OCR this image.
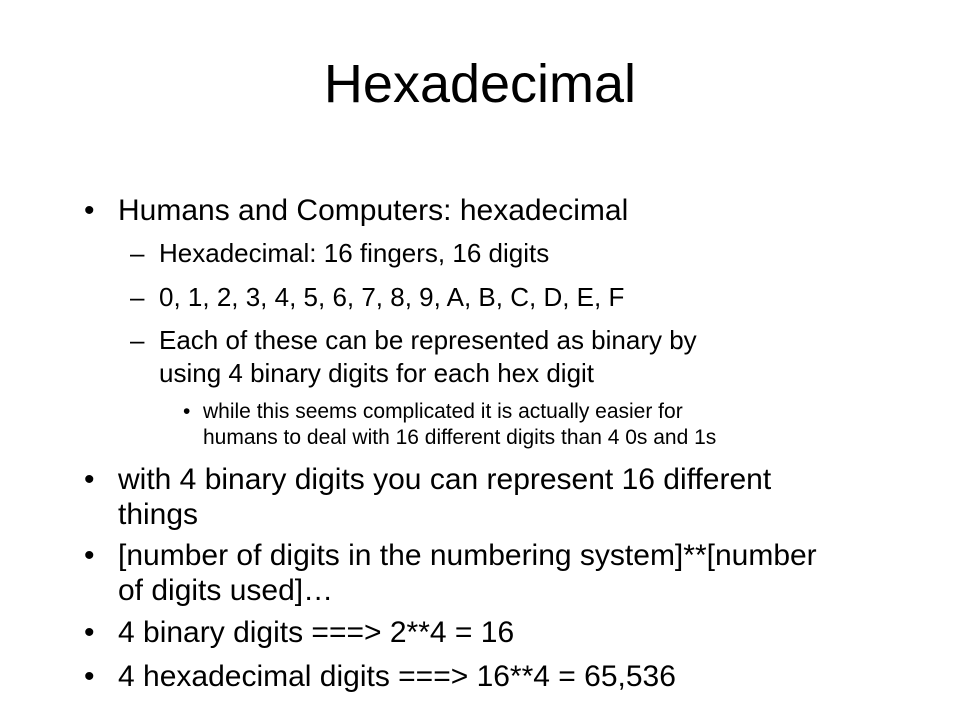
Hexadecimal
• Humans and Computers: hexadecimal
– Hexadecimal: 16 fingers, 16 digits
– 0, 1, 2, 3, 4, 5, 6, 7, 8, 9, A, B, C, D, E, F
– Each of these can be represented as binary by
using 4 binary digits for each hex digit
• while this seems complicated it is actually easier for
humans to deal with 16 different digits than 4 0s and 1s
• with 4 binary digits you can represent 16 different
things
• [number of digits in the numbering system]**[number
of digits used]…
• 4 binary digits ===> 2**4 = 16
• 4 hexadecimal digits ===> 16**4 = 65,536
